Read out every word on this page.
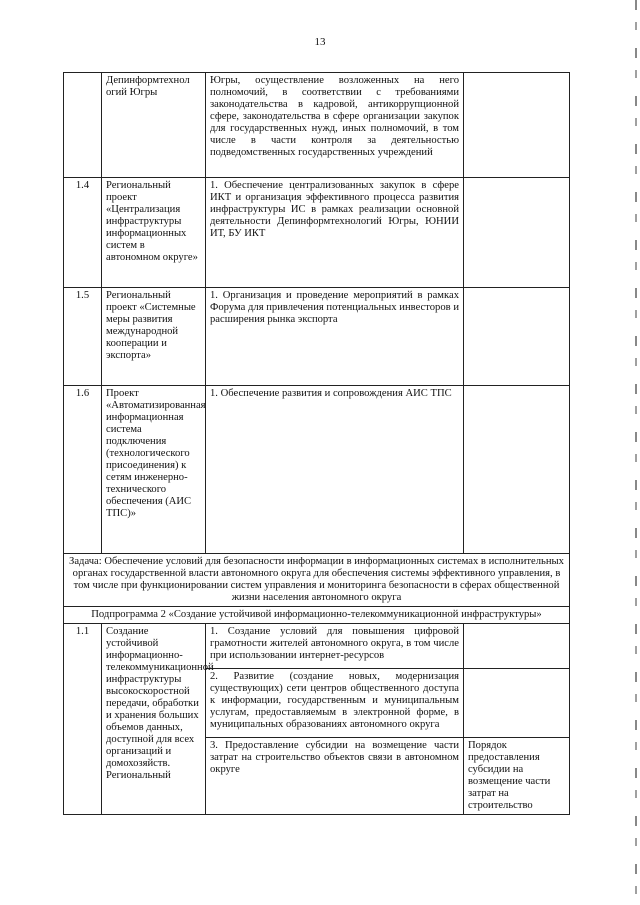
13
	Депинформтехнол огий Югры	Югры, осуществление возложенных на него полномочий, в соответствии с требованиями законодательства в кадровой, антикоррупционной сфере, законодательства в сфере организации закупок для государственных нужд, иных полномочий, в том числе в части контроля за деятельностью подведомственных государственных учреждений	
1.4	Региональный проект «Централизация инфраструктуры информационных систем в автономном округе»	1. Обеспечение централизованных закупок в сфере ИКТ и организация эффективного процесса развития инфраструктуры ИС в рамках реализации основной деятельности Депинформтехнологий Югры, ЮНИИ ИТ, БУ ИКТ	
1.5	Региональный проект «Системные меры развития международной кооперации и экспорта»	1. Организация и проведение мероприятий в рамках Форума для привлечения потенциальных инвесторов и расширения рынка экспорта	
1.6	Проект «Автоматизированная информационная система подключения (технологического присоединения) к сетям инженерно-технического обеспечения (АИС ТПС)»	1. Обеспечение развития и сопровождения АИС ТПС	
Задача: Обеспечение условий для безопасности информации в информационных системах в исполнительных органах государственной власти автономного округа для обеспечения системы эффективного управления, в том числе при функционировании систем управления и мониторинга безопасности в сферах общественной жизни населения автономного округа			
Подпрограмма 2 «Создание устойчивой информационно-телекоммуникационной инфраструктуры»			
1.1	Создание устойчивой информационно-телекоммуникационной инфраструктуры высокоскоростной передачи, обработки и хранения больших объемов данных, доступной для всех организаций и домохозяйств. Региональный	1. Создание условий для повышения цифровой грамотности жителей автономного округа, в том числе при использовании интернет-ресурсов	
		2. Развитие (создание новых, модернизация существующих) сети центров общественного доступа к информации, государственным и муниципальным услугам, предоставляемым в электронной форме, в муниципальных образованиях автономного округа	
		3. Предоставление субсидии на возмещение части затрат на строительство объектов связи в автономном округе	Порядок предоставления субсидии на возмещение части затрат на строительство
